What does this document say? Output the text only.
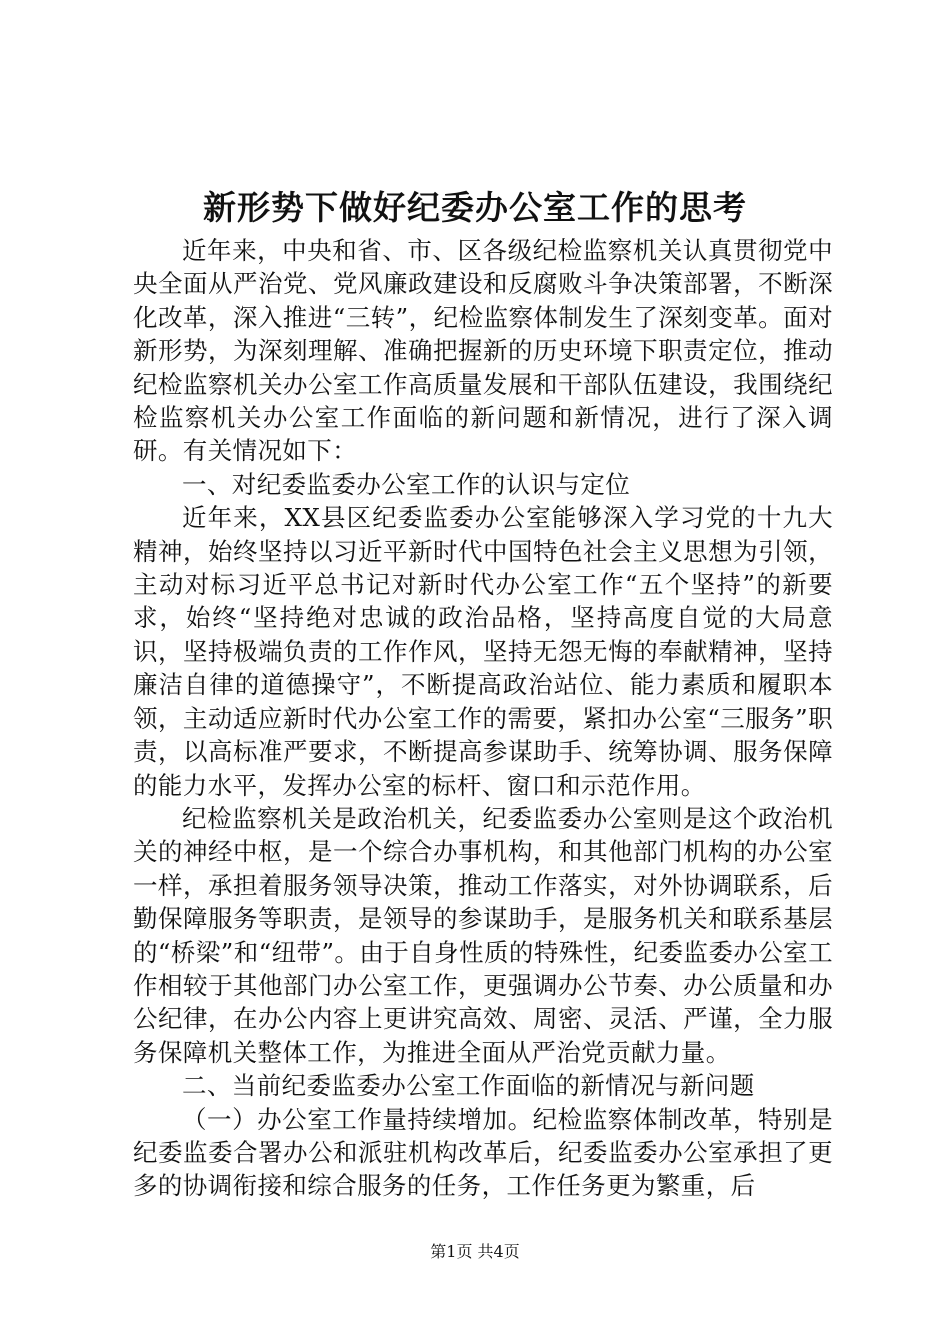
新形势下做好纪委办公室工作的思考

近年来，中央和省、市、区各级纪检监察机关认真贯彻党中央全面从严治党、党风廉政建设和反腐败斗争决策部署，不断深化改革，深入推进“三转”，纪检监察体制发生了深刻变革。面对新形势，为深刻理解、准确把握新的历史环境下职责定位，推动纪检监察机关办公室工作高质量发展和干部队伍建设，我围绕纪检监察机关办公室工作面临的新问题和新情况，进行了深入调研。有关情况如下：

一、对纪委监委办公室工作的认识与定位

近年来，XX县区纪委监委办公室能够深入学习党的十九大精神，始终坚持以习近平新时代中国特色社会主义思想为引领，主动对标习近平总书记对新时代办公室工作“五个坚持”的新要求，始终“坚持绝对忠诚的政治品格，坚持高度自觉的大局意识，坚持极端负责的工作作风，坚持无怨无悔的奉献精神，坚持廉洁自律的道德操守”，不断提高政治站位、能力素质和履职本领，主动适应新时代办公室工作的需要，紧扣办公室“三服务”职责，以高标准严要求，不断提高参谋助手、统筹协调、服务保障的能力水平，发挥办公室的标杆、窗口和示范作用。

纪检监察机关是政治机关，纪委监委办公室则是这个政治机关的神经中枢，是一个综合办事机构，和其他部门机构的办公室一样，承担着服务领导决策，推动工作落实，对外协调联系，后勤保障服务等职责，是领导的参谋助手，是服务机关和联系基层的“桥梁”和“纽带”。由于自身性质的特殊性，纪委监委办公室工作相较于其他部门办公室工作，更强调办公节奏、办公质量和办公纪律，在办公内容上更讲究高效、周密、灵活、严谨，全力服务保障机关整体工作，为推进全面从严治党贡献力量。

二、当前纪委监委办公室工作面临的新情况与新问题

（一）办公室工作量持续增加。纪检监察体制改革，特别是纪委监委合署办公和派驻机构改革后，纪委监委办公室承担了更多的协调衔接和综合服务的任务，工作任务更为繁重，后

第1页 共4页
